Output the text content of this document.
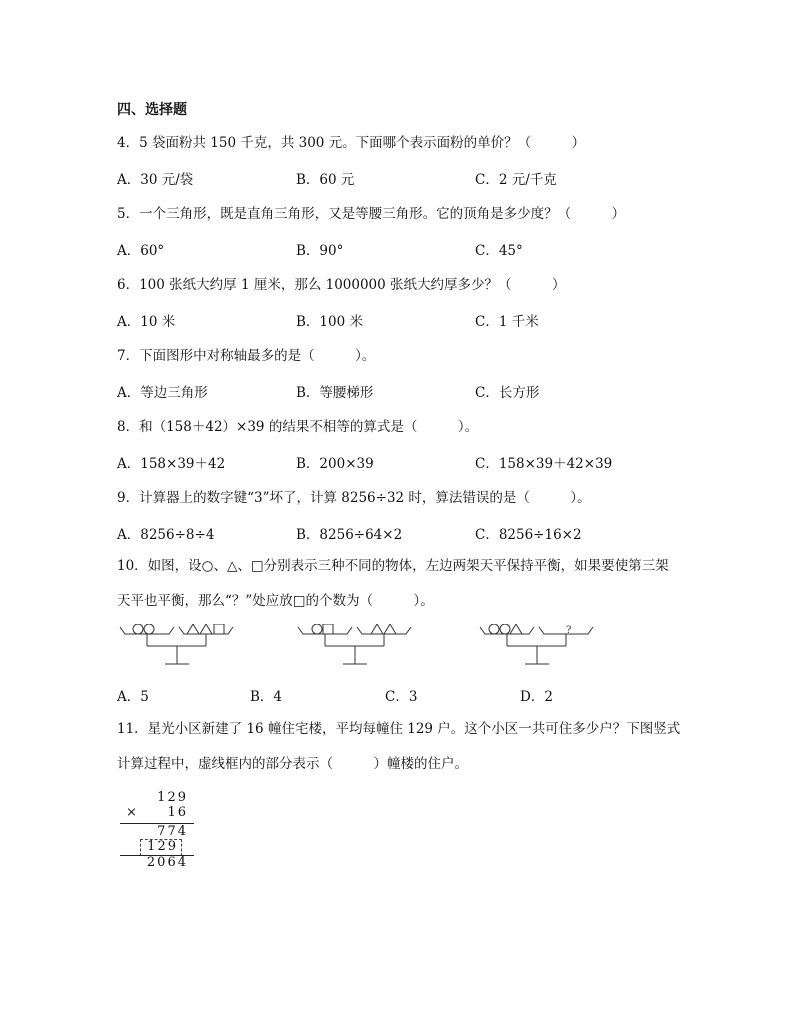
四、选择题
4．5 袋面粉共 150 千克，共 300 元。下面哪个表示面粉的单价？（　　　）
A．30 元/袋	B．60 元	C．2 元/千克
5．一个三角形，既是直角三角形，又是等腰三角形。它的顶角是多少度？（　　　）
A．60°	B．90°	C．45°
6．100 张纸大约厚 1 厘米，那么 1000000 张纸大约厚多少？（　　　）
A．10 米	B．100 米	C．1 千米
7．下面图形中对称轴最多的是（　　　）。
A．等边三角形	B．等腰梯形	C．长方形
8．和（158＋42）×39 的结果不相等的算式是（　　　）。
A．158×39＋42	B．200×39	C．158×39＋42×39
9．计算器上的数字键“3”坏了，计算 8256÷32 时，算法错误的是（　　　）。
A．8256÷8÷4	B．8256÷64×2	C．8256÷16×2
10．如图，设○、△、□分别表示三种不同的物体，左边两架天平保持平衡，如果要使第三架
天平也平衡，那么“？”处应放□的个数为（　　　）。
?
A．5	B．4	C．3	D．2
11．星光小区新建了 16 幢住宅楼，平均每幢住 129 户。这个小区一共可住多少户？下图竖式
计算过程中，虚线框内的部分表示（　　　）幢楼的住户。
129
× 16
774
129
2064
